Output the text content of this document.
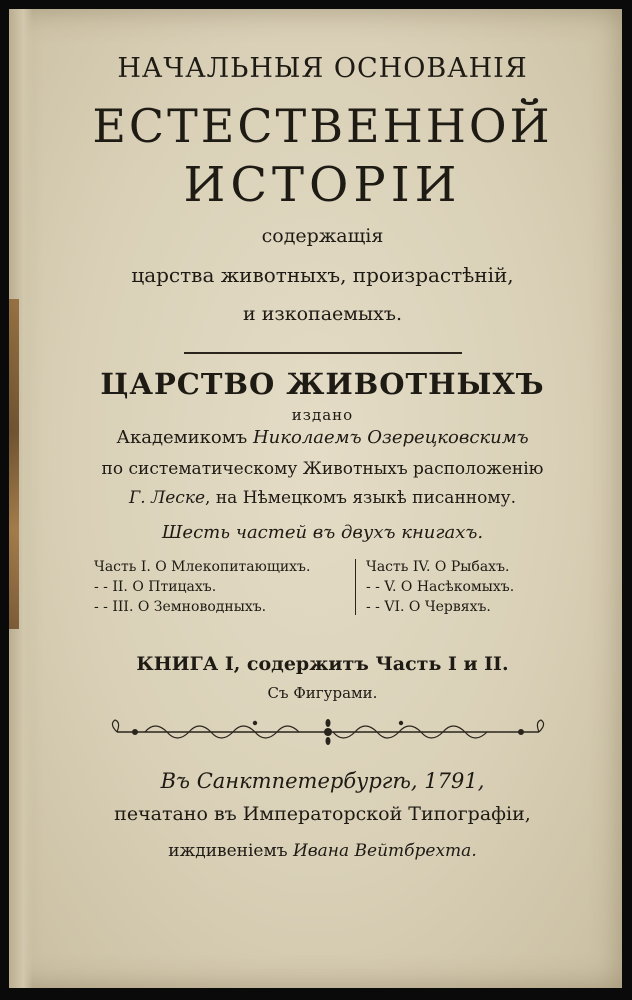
НАЧАЛЬНЫЯ ОСНОВАНІЯ
ЕСТЕСТВЕННОЙ
ИСТОРІИ
содержащія
царства животныхъ, произрастѣній,
и изкопаемыхъ.
ЦАРСТВО ЖИВОТНЫХЪ
издано
Академикомъ Николаемъ Озерецковскимъ
по систематическому Животныхъ расположенію
Г. Леске, на Нѣмецкомъ языкѣ писанному.
Шесть частей въ двухъ книгахъ.
Часть I. О Млекопитающихъ.
- - II. О Птицахъ.
- - III. О Земноводныхъ.
Часть IV. О Рыбахъ.
- - V. О Насѣкомыхъ.
- - VI. О Червяхъ.
КНИГА I, содержитъ Часть I и II.
Съ Фигурами.
Въ Санктпетербургѣ, 1791,
печатано въ Императорской Типографіи,
иждивеніемъ Ивана Вейтбрехта.
